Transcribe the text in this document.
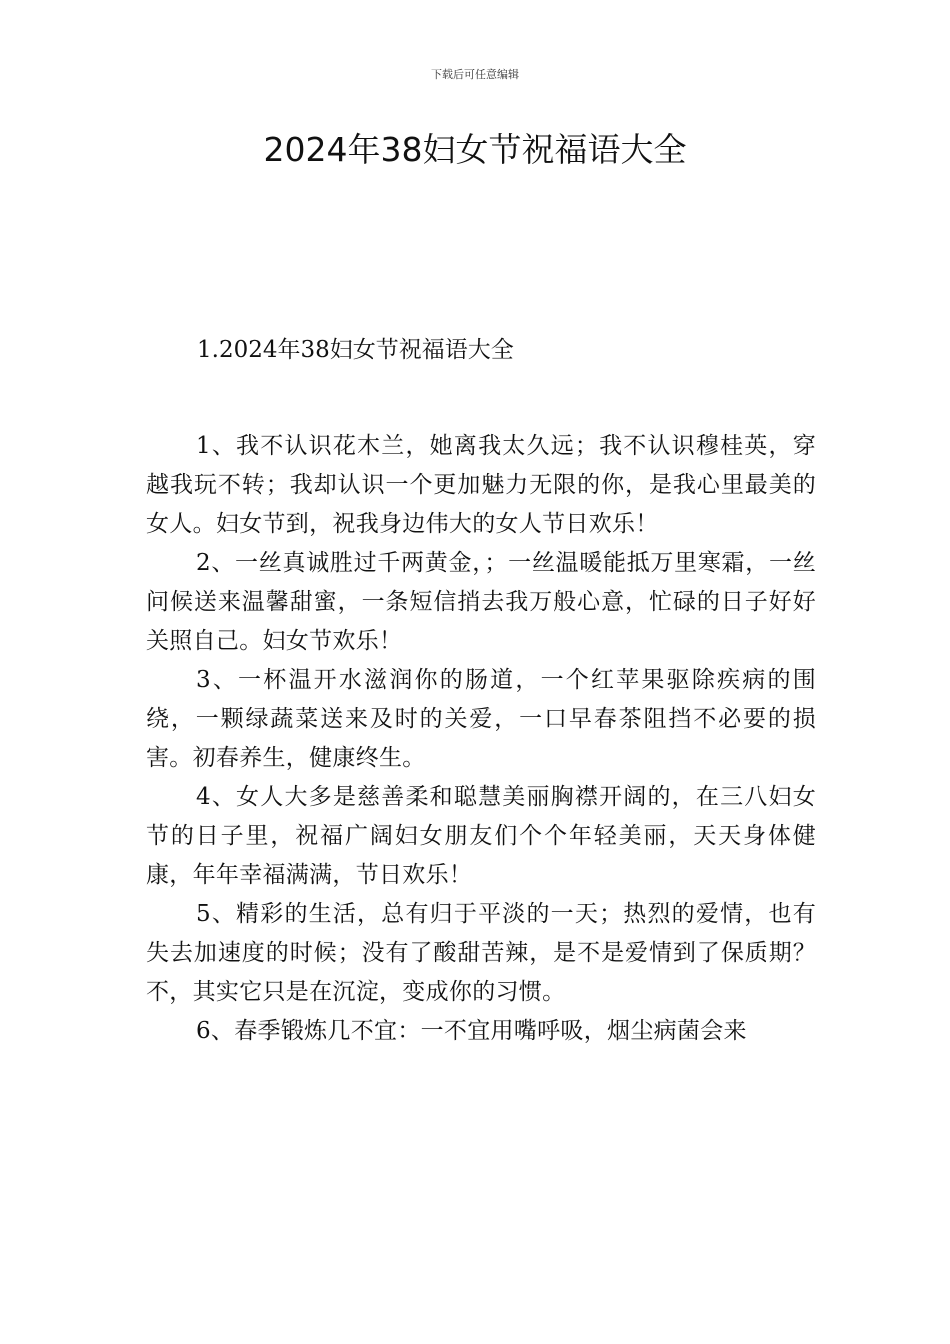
下载后可任意编辑
2024年38妇女节祝福语大全
1.2024年38妇女节祝福语大全

1、我不认识花木兰，她离我太久远；我不认识穆桂英，穿越我玩不转；我却认识一个更加魅力无限的你，是我心里最美的女人。妇女节到，祝我身边伟大的女人节日欢乐！

2、一丝真诚胜过千两黄金，；一丝温暖能抵万里寒霜，一丝问候送来温馨甜蜜，一条短信捎去我万般心意，忙碌的日子好好关照自己。妇女节欢乐！

3、一杯温开水滋润你的肠道，一个红苹果驱除疾病的围绕，一颗绿蔬菜送来及时的关爱，一口早春茶阻挡不必要的损害。初春养生，健康终生。

4、女人大多是慈善柔和聪慧美丽胸襟开阔的，在三八妇女节的日子里，祝福广阔妇女朋友们个个年轻美丽，天天身体健康，年年幸福满满，节日欢乐！

5、精彩的生活，总有归于平淡的一天；热烈的爱情，也有失去加速度的时候；没有了酸甜苦辣，是不是爱情到了保质期？不，其实它只是在沉淀，变成你的习惯。

6、春季锻炼几不宜：一不宜用嘴呼吸，烟尘病菌会来
